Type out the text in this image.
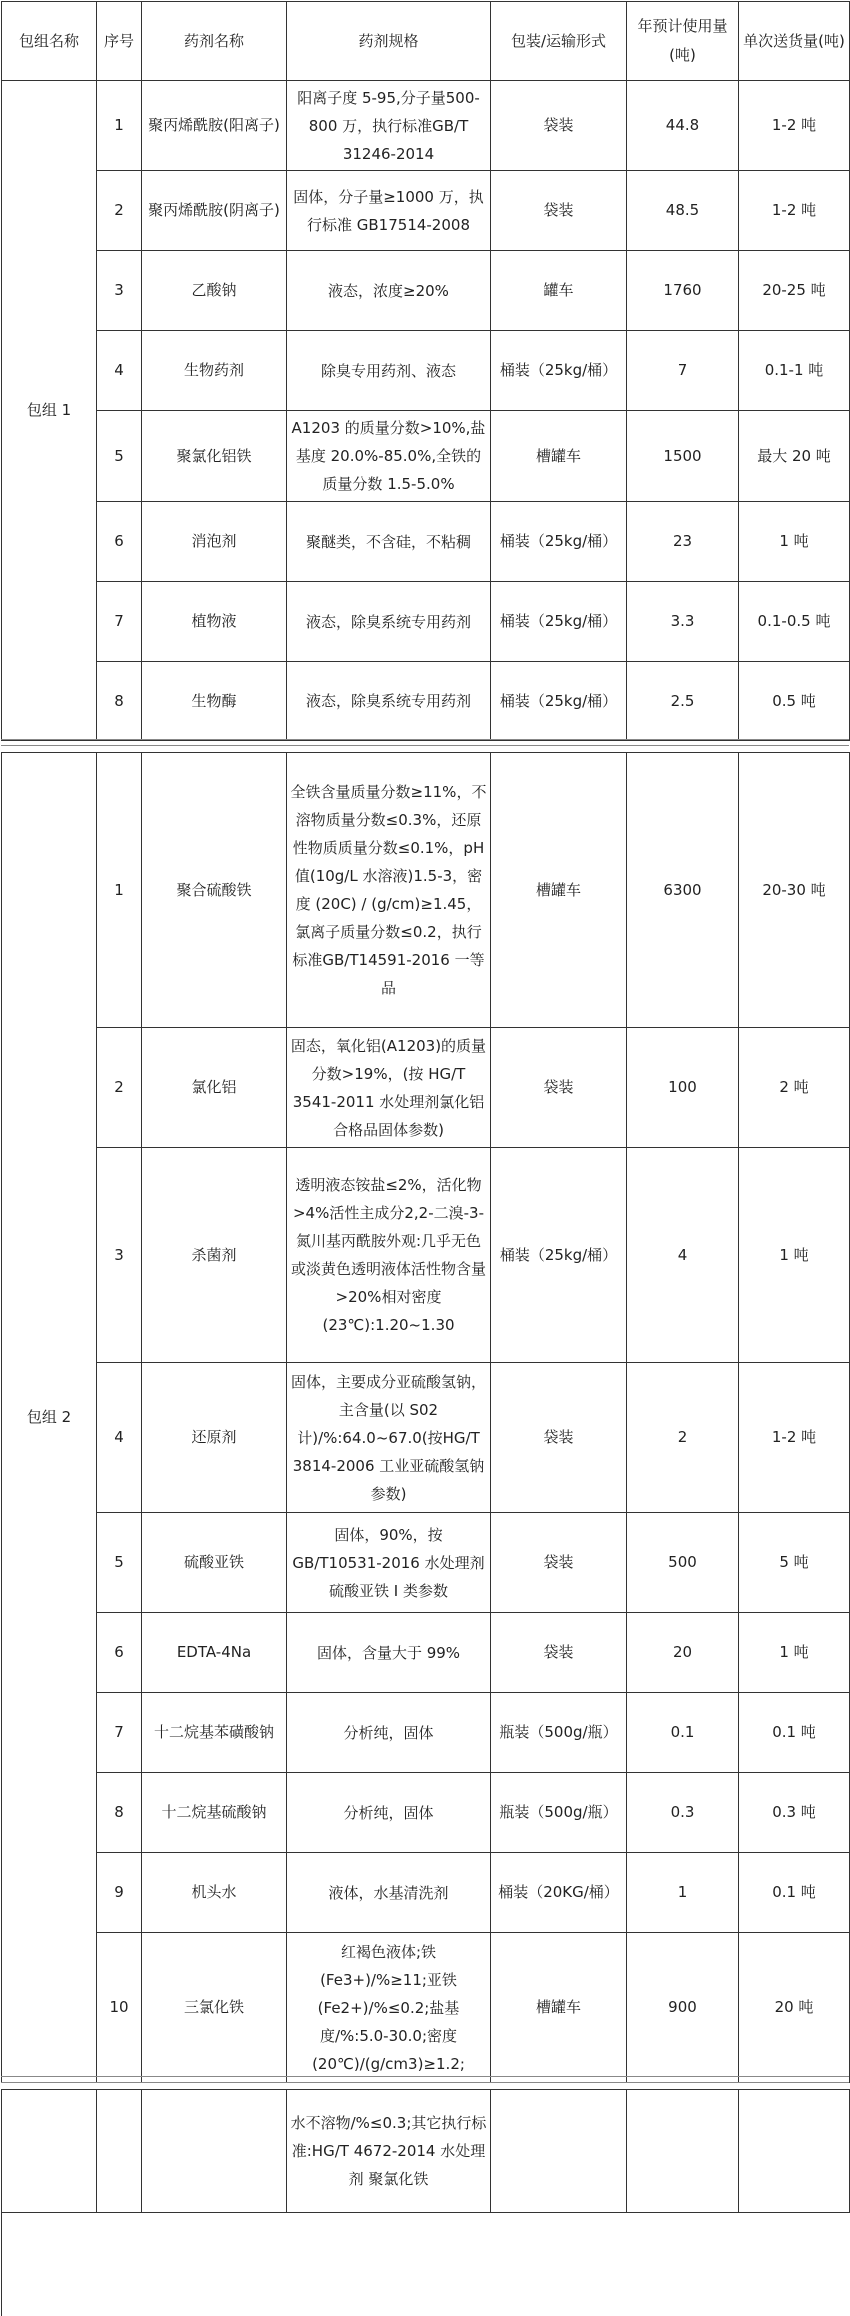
包组名称	序号	药剂名称	药剂规格	包装/运输形式	年预计使用量(吨)	单次送货量(吨)
包组 1	1	聚丙烯酰胺(阳离子)	阳离子度 5-95,分子量500-800 万，执行标准GB/T 31246-2014	袋装	44.8	1-2 吨
	2	聚丙烯酰胺(阴离子)	固体，分子量≥1000 万，执行标准 GB17514-2008	袋装	48.5	1-2 吨
	3	乙酸钠	液态，浓度≥20%	罐车	1760	20-25 吨
	4	生物药剂	除臭专用药剂、液态	桶装（25kg/桶）	7	0.1-1 吨
	5	聚氯化铝铁	A1203 的质量分数>10%,盐基度 20.0%-85.0%,全铁的质量分数 1.5-5.0%	槽罐车	1500	最大 20 吨
	6	消泡剂	聚醚类，不含硅，不粘稠	桶装（25kg/桶）	23	1 吨
	7	植物液	液态，除臭系统专用药剂	桶装（25kg/桶）	3.3	0.1-0.5 吨
	8	生物酶	液态，除臭系统专用药剂	桶装（25kg/桶）	2.5	0.5 吨
包组 2	1	聚合硫酸铁	全铁含量质量分数≥11%，不溶物质量分数≤0.3%，还原性物质质量分数≤0.1%，pH 值(10g/L 水溶液)1.5-3，密度 (20C) / (g/cm)≥1.45，氯离子质量分数≤0.2，执行标准GB/T14591-2016 一等品	槽罐车	6300	20-30 吨
	2	氯化铝	固态，氧化铝(A1203)的质量分数>19%，(按 HG/T 3541-2011 水处理剂氯化铝 合格品固体参数)	袋装	100	2 吨
	3	杀菌剂	透明液态铵盐≤2%，活化物>4%活性主成分2,2-二溴-3-氮川基丙酰胺外观:几乎无色或淡黄色透明液体活性物含量>20%相对密度(23℃):1.20~1.30	桶装（25kg/桶）	4	1 吨
	4	还原剂	固体，主要成分亚硫酸氢钠，主含量(以 S02计)/%:64.0~67.0(按HG/T 3814-2006 工业亚硫酸氢钠参数)	袋装	2	1-2 吨
	5	硫酸亚铁	固体，90%，按GB/T10531-2016 水处理剂硫酸亚铁 I 类参数	袋装	500	5 吨
	6	EDTA-4Na	固体，含量大于 99%	袋装	20	1 吨
	7	十二烷基苯磺酸钠	分析纯，固体	瓶装（500g/瓶）	0.1	0.1 吨
	8	十二烷基硫酸钠	分析纯，固体	瓶装（500g/瓶）	0.3	0.3 吨
	9	机头水	液体，水基清洗剂	桶装（20KG/桶）	1	0.1 吨
	10	三氯化铁	红褐色液体;铁(Fe3+)/%≥11;亚铁(Fe2+)/%≤0.2;盐基度/%:5.0-30.0;密度(20℃)/(g/cm3)≥1.2;	槽罐车	900	20 吨
			水不溶物/%≤0.3;其它执行标准:HG/T 4672-2014 水处理剂 聚氯化铁			
